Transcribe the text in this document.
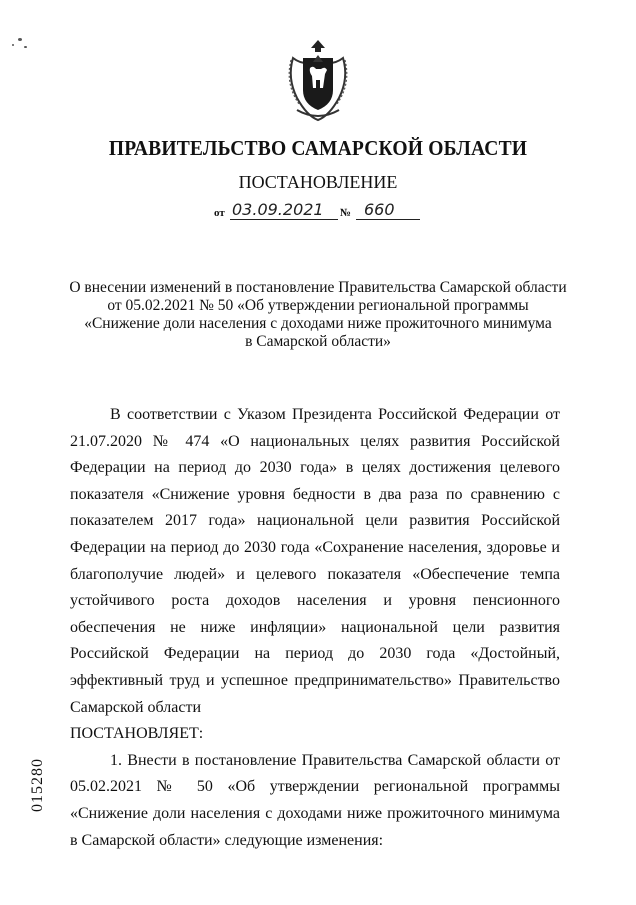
ПРАВИТЕЛЬСТВО САМАРСКОЙ ОБЛАСТИ
ПОСТАНОВЛЕНИЕ
от 03.09.2021 № 660
О внесении изменений в постановление Правительства Самарской области
от 05.02.2021 № 50 «Об утверждении региональной программы
«Снижение доли населения с доходами ниже прожиточного минимума
в Самарской области»

В соответствии с Указом Президента Российской Федерации от 21.07.2020 № 474 «О национальных целях развития Российской Федерации на период до 2030 года» в целях достижения целевого показателя «Снижение уровня бедности в два раза по сравнению с показателем 2017 года» национальной цели развития Российской Федерации на период до 2030 года «Сохранение населения, здоровье и благополучие людей» и целевого показателя «Обеспечение темпа устойчивого роста доходов населения и уровня пенсионного обеспечения не ниже инфляции» национальной цели развития Российской Федерации на период до 2030 года «Достойный, эффективный труд и успешное предпринимательство» Правительство Самарской области

ПОСТАНОВЛЯЕТ:

1. Внести в постановление Правительства Самарской области от 05.02.2021 № 50 «Об утверждении региональной программы «Снижение доли населения с доходами ниже прожиточного минимума в Самарской области» следующие изменения:

015280
